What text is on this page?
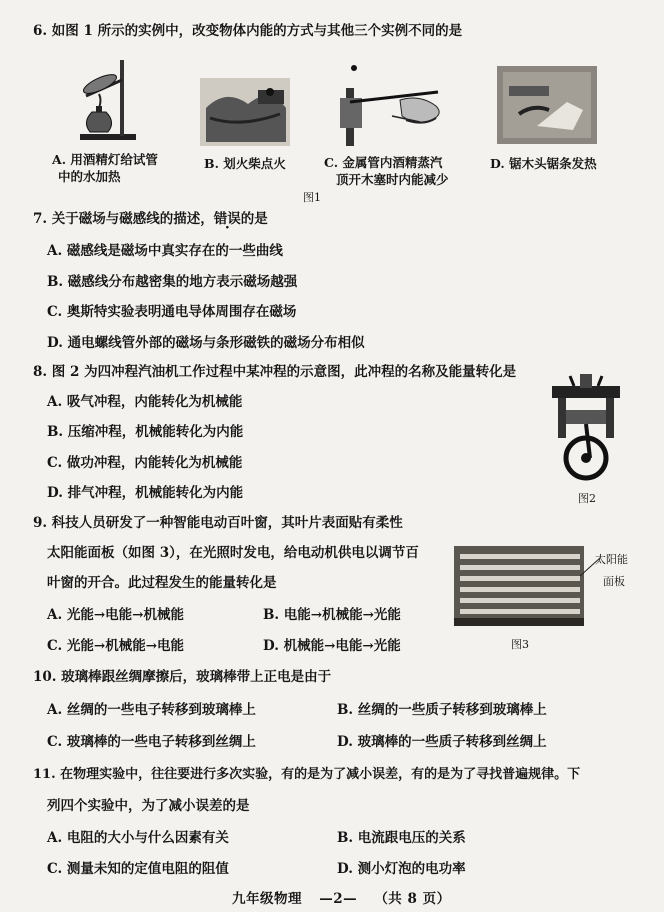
6. 如图 1 所示的实例中，改变物体内能的方式与其他三个实例不同的是
A. 用酒精灯给试管
中的水加热
B. 划火柴点火	C. 金属管内酒精蒸汽
顶开木塞时内能减少
D. 锯木头锯条发热
图1
7. 关于磁场与磁感线的描述，错误的是
A. 磁感线是磁场中真实存在的一些曲线
B. 磁感线分布越密集的地方表示磁场越强
C. 奥斯特实验表明通电导体周围存在磁场
D. 通电螺线管外部的磁场与条形磁铁的磁场分布相似
8. 图 2 为四冲程汽油机工作过程中某冲程的示意图，此冲程的名称及能量转化是
A. 吸气冲程，内能转化为机械能
B. 压缩冲程，机械能转化为内能
C. 做功冲程，内能转化为机械能
D. 排气冲程，机械能转化为内能	图2
9. 科技人员研发了一种智能电动百叶窗，其叶片表面贴有柔性
太阳能面板（如图 3），在光照时发电，给电动机供电以调节百
叶窗的开合。此过程发生的能量转化是
A. 光能→电能→机械能	B. 电能→机械能→光能
C. 光能→机械能→电能	D. 机械能→电能→光能
太阳能
面板
图3
10. 玻璃棒跟丝绸摩擦后，玻璃棒带上正电是由于
A. 丝绸的一些电子转移到玻璃棒上	B. 丝绸的一些质子转移到玻璃棒上
C. 玻璃棒的一些电子转移到丝绸上	D. 玻璃棒的一些质子转移到丝绸上
11. 在物理实验中，往往要进行多次实验，有的是为了减小误差，有的是为了寻找普遍规律。下
列四个实验中，为了减小误差的是
A. 电阻的大小与什么因素有关	B. 电流跟电压的关系
C. 测量未知的定值电阻的阻值	D. 测小灯泡的电功率
九年级物理 —2— （共 8 页）
